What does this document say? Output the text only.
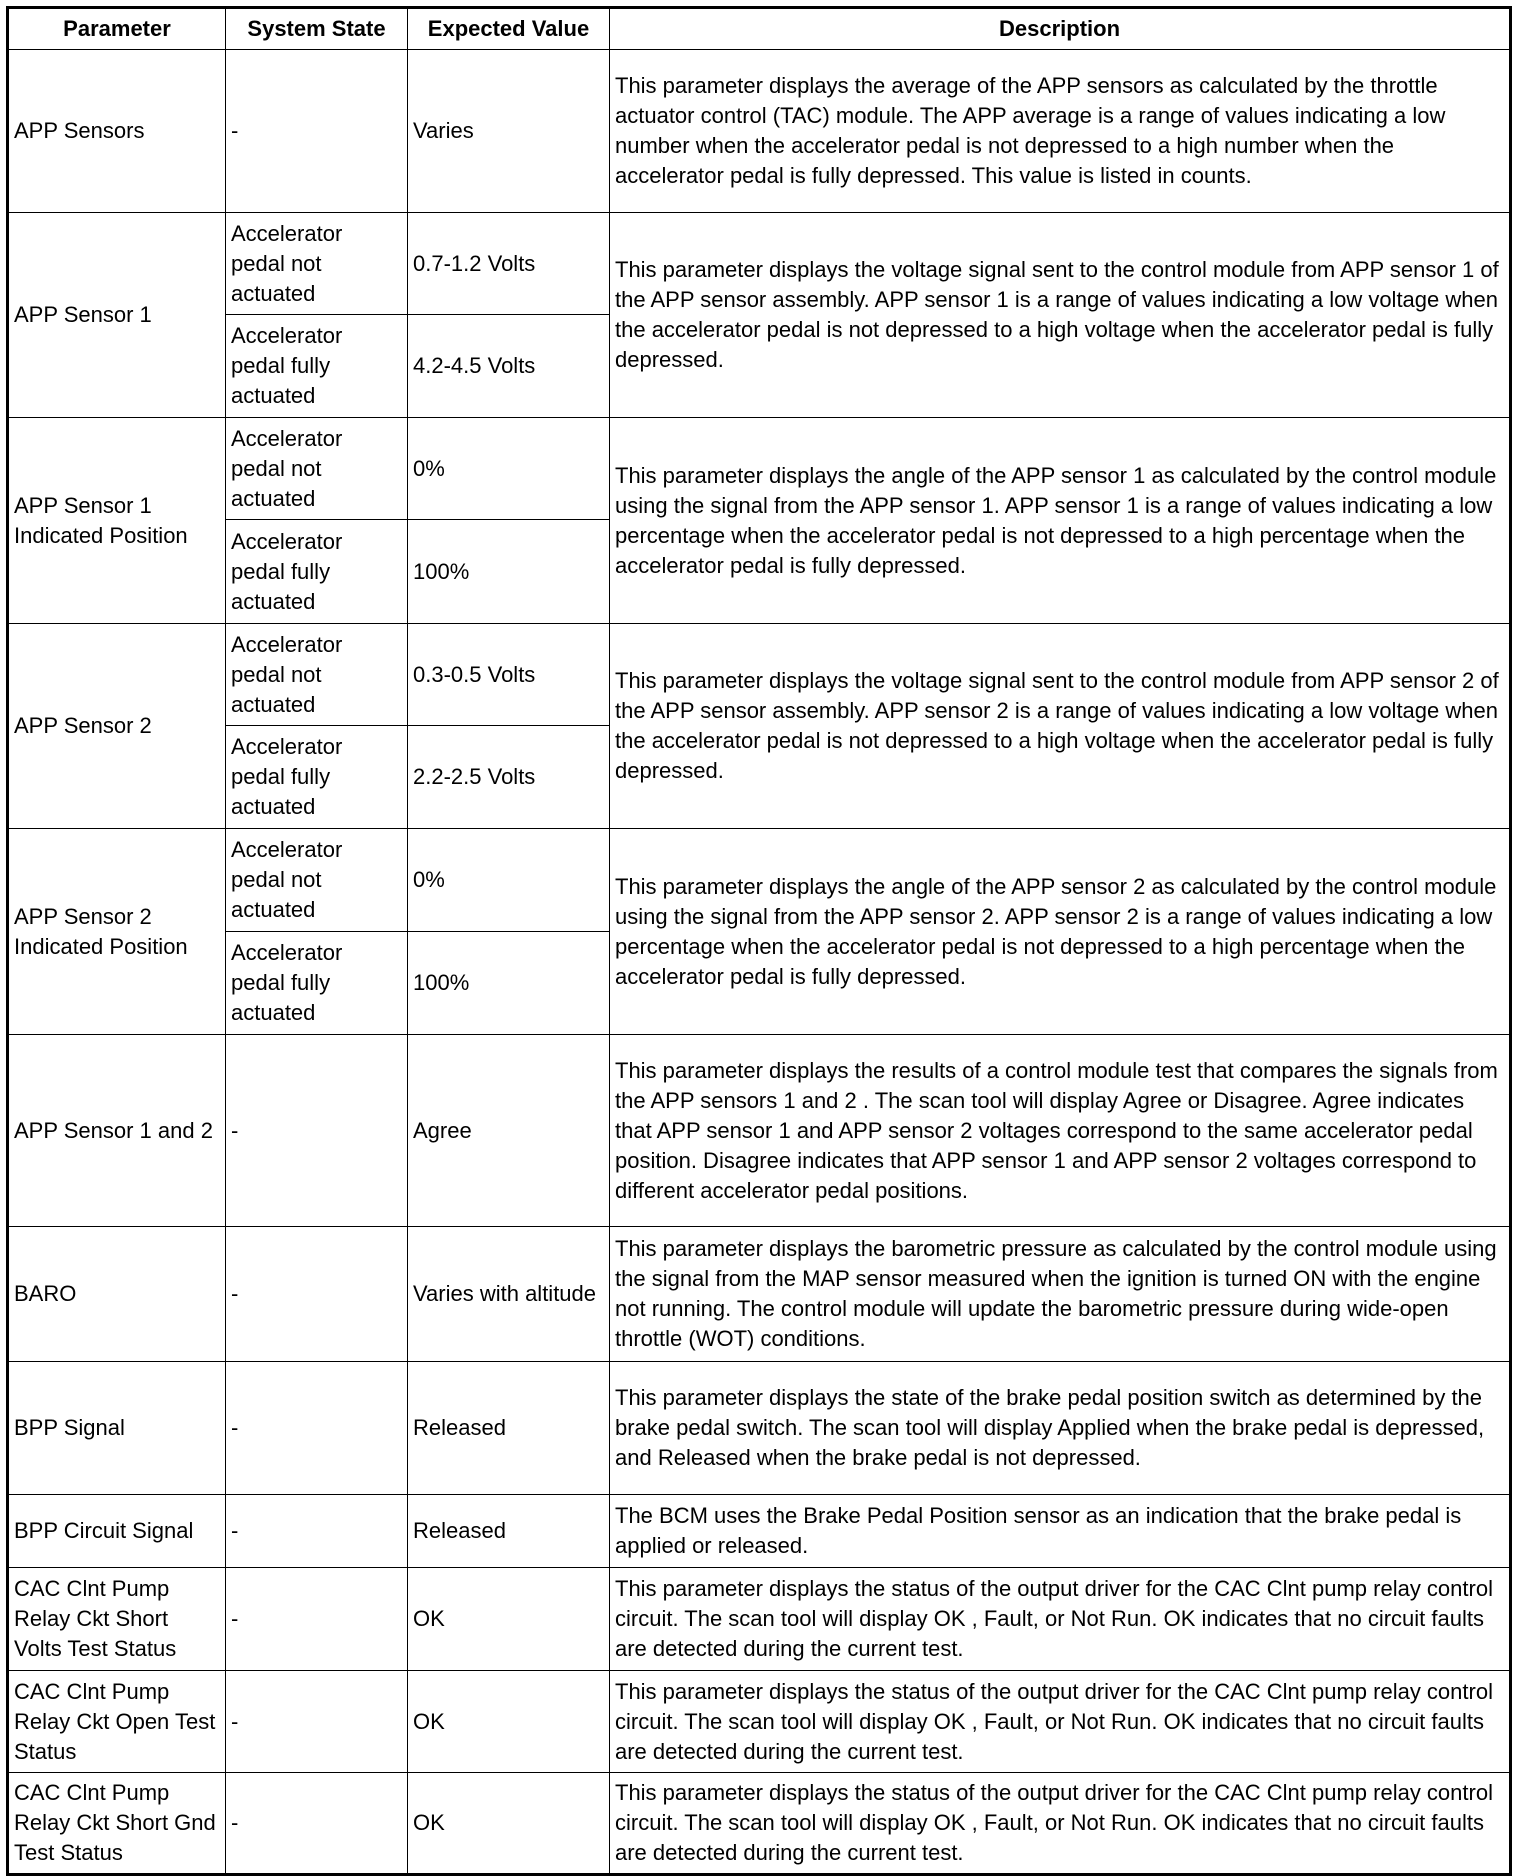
Parameter	System State	Expected Value	Description
APP Sensors	-	Varies	This parameter displays the average of the APP sensors as calculated by the throttle actuator control (TAC) module. The APP average is a range of values indicating a low number when the accelerator pedal is not depressed to a high number when the accelerator pedal is fully depressed. This value is listed in counts.
APP Sensor 1	Accelerator pedal not actuated	0.7-1.2 Volts	This parameter displays the voltage signal sent to the control module from APP sensor 1 of the APP sensor assembly. APP sensor 1 is a range of values indicating a low voltage when the accelerator pedal is not depressed to a high voltage when the accelerator pedal is fully depressed.
	Accelerator pedal fully actuated	4.2-4.5 Volts	
APP Sensor 1 Indicated Position	Accelerator pedal not actuated	0%	This parameter displays the angle of the APP sensor 1 as calculated by the control module using the signal from the APP sensor 1. APP sensor 1 is a range of values indicating a low percentage when the accelerator pedal is not depressed to a high percentage when the accelerator pedal is fully depressed.
	Accelerator pedal fully actuated	100%	
APP Sensor 2	Accelerator pedal not actuated	0.3-0.5 Volts	This parameter displays the voltage signal sent to the control module from APP sensor 2 of the APP sensor assembly. APP sensor 2 is a range of values indicating a low voltage when the accelerator pedal is not depressed to a high voltage when the accelerator pedal is fully depressed.
	Accelerator pedal fully actuated	2.2-2.5 Volts	
APP Sensor 2 Indicated Position	Accelerator pedal not actuated	0%	This parameter displays the angle of the APP sensor 2 as calculated by the control module using the signal from the APP sensor 2. APP sensor 2 is a range of values indicating a low percentage when the accelerator pedal is not depressed to a high percentage when the accelerator pedal is fully depressed.
	Accelerator pedal fully actuated	100%	
APP Sensor 1 and 2	-	Agree	This parameter displays the results of a control module test that compares the signals from the APP sensors 1 and 2 . The scan tool will display Agree or Disagree. Agree indicates that APP sensor 1 and APP sensor 2 voltages correspond to the same accelerator pedal position. Disagree indicates that APP sensor 1 and APP sensor 2 voltages correspond to different accelerator pedal positions.
BARO	-	Varies with altitude	This parameter displays the barometric pressure as calculated by the control module using the signal from the MAP sensor measured when the ignition is turned ON with the engine not running. The control module will update the barometric pressure during wide-open throttle (WOT) conditions.
BPP Signal	-	Released	This parameter displays the state of the brake pedal position switch as determined by the brake pedal switch. The scan tool will display Applied when the brake pedal is depressed, and Released when the brake pedal is not depressed.
BPP Circuit Signal	-	Released	The BCM uses the Brake Pedal Position sensor as an indication that the brake pedal is applied or released.
CAC Clnt Pump Relay Ckt Short Volts Test Status	-	OK	This parameter displays the status of the output driver for the CAC Clnt pump relay control circuit. The scan tool will display OK , Fault, or Not Run. OK indicates that no circuit faults are detected during the current test.
CAC Clnt Pump Relay Ckt Open Test Status	-	OK	This parameter displays the status of the output driver for the CAC Clnt pump relay control circuit. The scan tool will display OK , Fault, or Not Run. OK indicates that no circuit faults are detected during the current test.
CAC Clnt Pump Relay Ckt Short Gnd Test Status	-	OK	This parameter displays the status of the output driver for the CAC Clnt pump relay control circuit. The scan tool will display OK , Fault, or Not Run. OK indicates that no circuit faults are detected during the current test.
